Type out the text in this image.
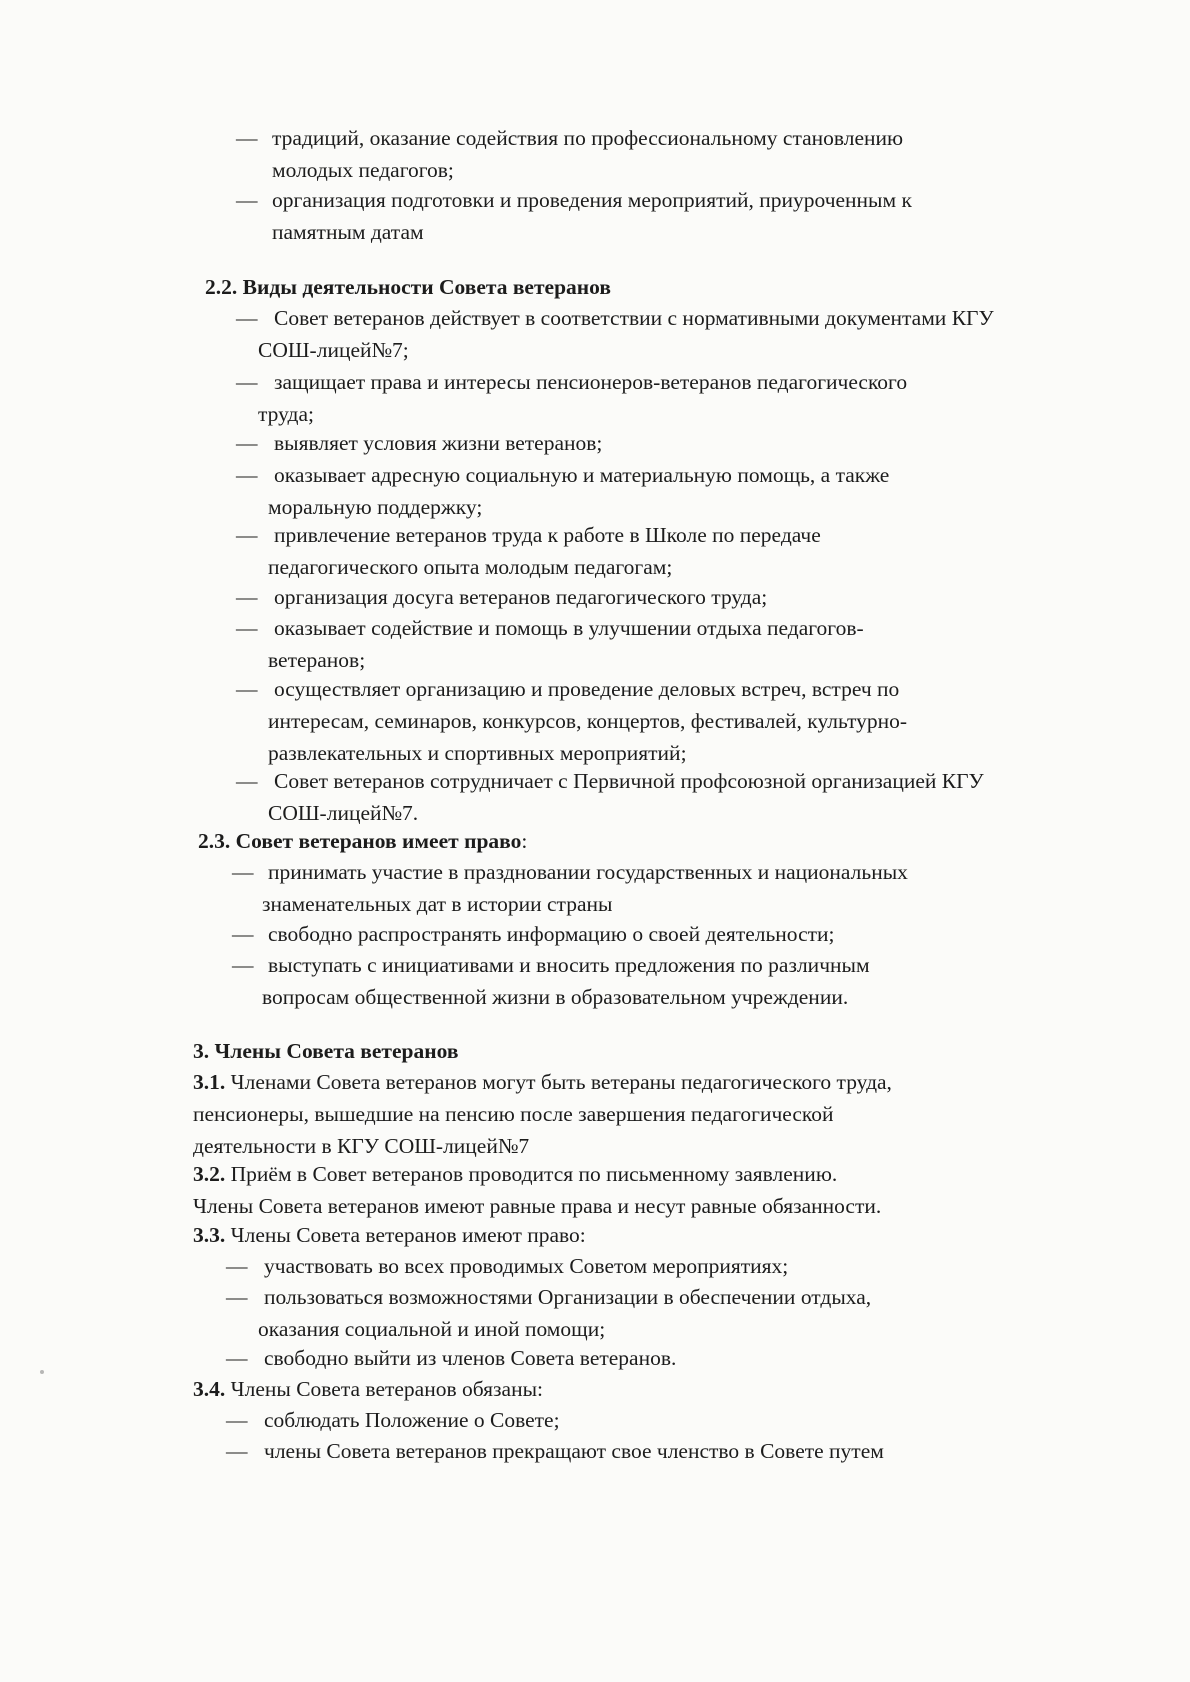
— традиций, оказание содействия по профессиональному становлению
молодых педагогов;
— организация подготовки и проведения мероприятий, приуроченным к
памятным датам
2.2. Виды деятельности Совета ветеранов
— Совет ветеранов действует в соответствии с нормативными документами КГУ
СОШ-лицей№7;
— защищает права и интересы пенсионеров-ветеранов педагогического
труда;
— выявляет условия жизни ветеранов;
— оказывает адресную социальную и материальную помощь, а также
моральную поддержку;
— привлечение ветеранов труда к работе в Школе по передаче
педагогического опыта молодым педагогам;
— организация досуга ветеранов педагогического труда;
— оказывает содействие и помощь в улучшении отдыха педагогов-
ветеранов;
— осуществляет организацию и проведение деловых встреч, встреч по
интересам, семинаров, конкурсов, концертов, фестивалей, культурно-
развлекательных и спортивных мероприятий;
— Совет ветеранов сотрудничает с Первичной профсоюзной организацией КГУ
СОШ-лицей№7.
2.3. Совет ветеранов имеет право:
— принимать участие в праздновании государственных и национальных
знаменательных дат в истории страны
— свободно распространять информацию о своей деятельности;
— выступать с инициативами и вносить предложения по различным
вопросам общественной жизни в образовательном учреждении.
3. Члены Совета ветеранов
3.1. Членами Совета ветеранов могут быть ветераны педагогического труда,
пенсионеры, вышедшие на пенсию после завершения педагогической
деятельности в КГУ СОШ-лицей№7
3.2. Приём в Совет ветеранов проводится по письменному заявлению.
Члены Совета ветеранов имеют равные права и несут равные обязанности.
3.3. Члены Совета ветеранов имеют право:
— участвовать во всех проводимых Советом мероприятиях;
— пользоваться возможностями Организации в обеспечении отдыха,
оказания социальной и иной помощи;
— свободно выйти из членов Совета ветеранов.
3.4. Члены Совета ветеранов обязаны:
— соблюдать Положение о Совете;
— члены Совета ветеранов прекращают свое членство в Совете путем
